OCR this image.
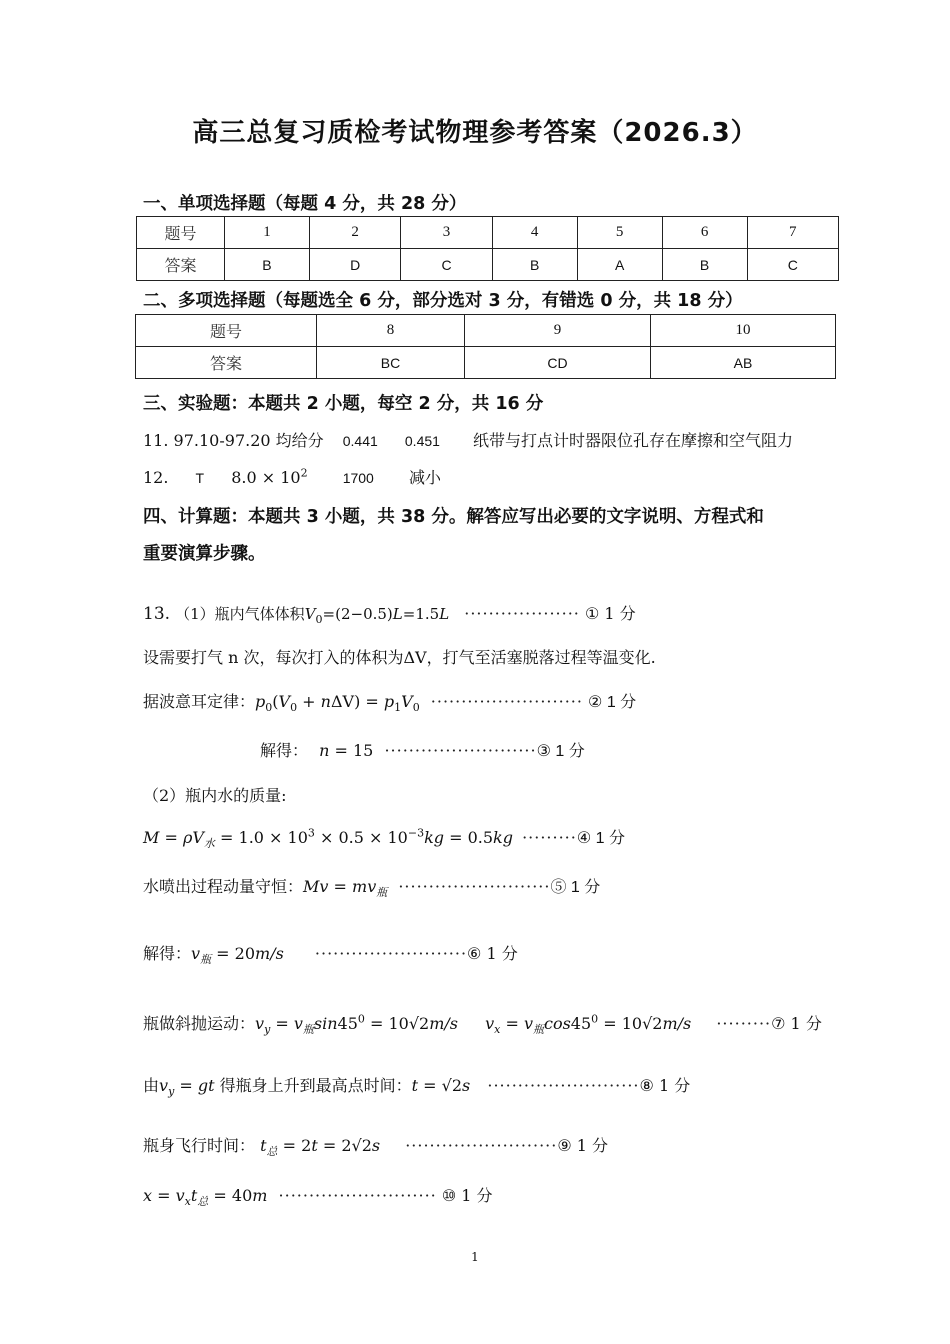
高三总复习质检考试物理参考答案（2026.3）
一、单项选择题（每题 4 分，共 28 分）
题号	1	2	3	4	5	6	7
答案	B	D	C	B	A	B	C
二、多项选择题（每题选全 6 分，部分选对 3 分，有错选 0 分，共 18 分）
题号	8	9	10
答案	BC	CD	AB
三、实验题：本题共 2 小题，每空 2 分，共 16 分
11. 97.10-97.20 均给分 0.441 0.451 纸带与打点计时器限位孔存在摩擦和空气阻力
12. T $8.0 \times 10^2$	1700 减小
四、计算题：本题共 3 小题，共 38 分。解答应写出必要的文字说明、方程式和
重要演算步骤。
13. （1）瓶内气体体积$V_0=(2-0.5)L=1.5L$ ··················· ① 1 分
设需要打气 n 次，每次打入的体积为ΔV，打气至活塞脱落过程等温变化.
据波意耳定律：$p_0(V_0 + n\Delta V) = p_1V_0$ ························· ② 1 分
解得： n = 15 ·························③ 1 分
（2）瓶内水的质量:
$M = \rho V_水 = 1.0 \times 10^3 \times 0.5 \times 10^{-3}kg = 0.5kg$ ·········④ 1 分
水喷出过程动量守恒：$Mv = mv_瓶$ ·························⑤ 1 分
解得：$v_瓶 = 20m/s$ ·························⑥ 1 分
瓶做斜抛运动：$v_y = v_瓶\sin 45^0 = 10√2m/s$ $v_x = v_瓶\cos 45^0 = 10√2m/s$ ·········⑦ 1 分
由$v_y$ = gt 得瓶身上升到最高点时间：t = √2s ·························⑧ 1 分
瓶身飞行时间： $t_总 = 2t = 2√2s$ ·························⑨ 1 分
$x = v_xt_总 = 40m$ ·························· ⑩ 1 分
1
